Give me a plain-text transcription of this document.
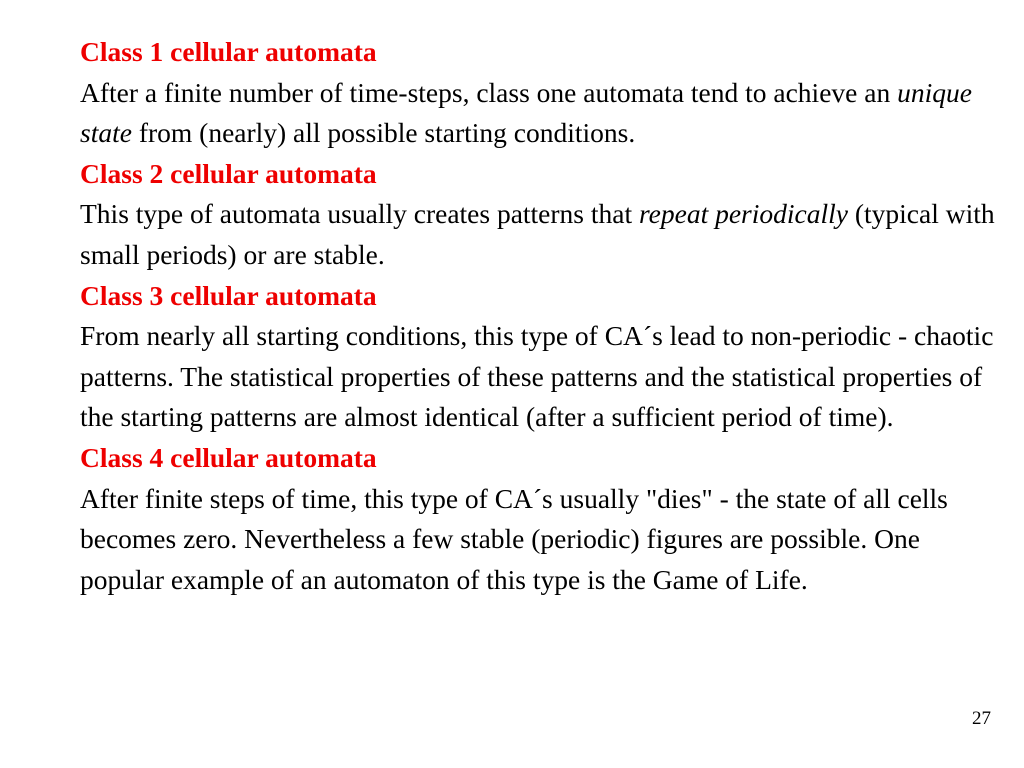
Class 1 cellular automata
After a finite number of time-steps, class one automata tend to achieve an unique state from (nearly) all possible starting conditions.
Class 2 cellular automata
This type of automata usually creates patterns that repeat periodically (typical with small periods) or are stable.
Class 3 cellular automata
From nearly all starting conditions, this type of CA´s lead to non-periodic - chaotic patterns. The statistical properties of these patterns and the statistical properties of the starting patterns are almost identical (after a sufficient period of time).
Class 4 cellular automata
After finite steps of time, this type of CA´s usually "dies" - the state of all cells becomes zero. Nevertheless a few stable (periodic) figures are possible. One popular example of an automaton of this type is the Game of Life.
27
